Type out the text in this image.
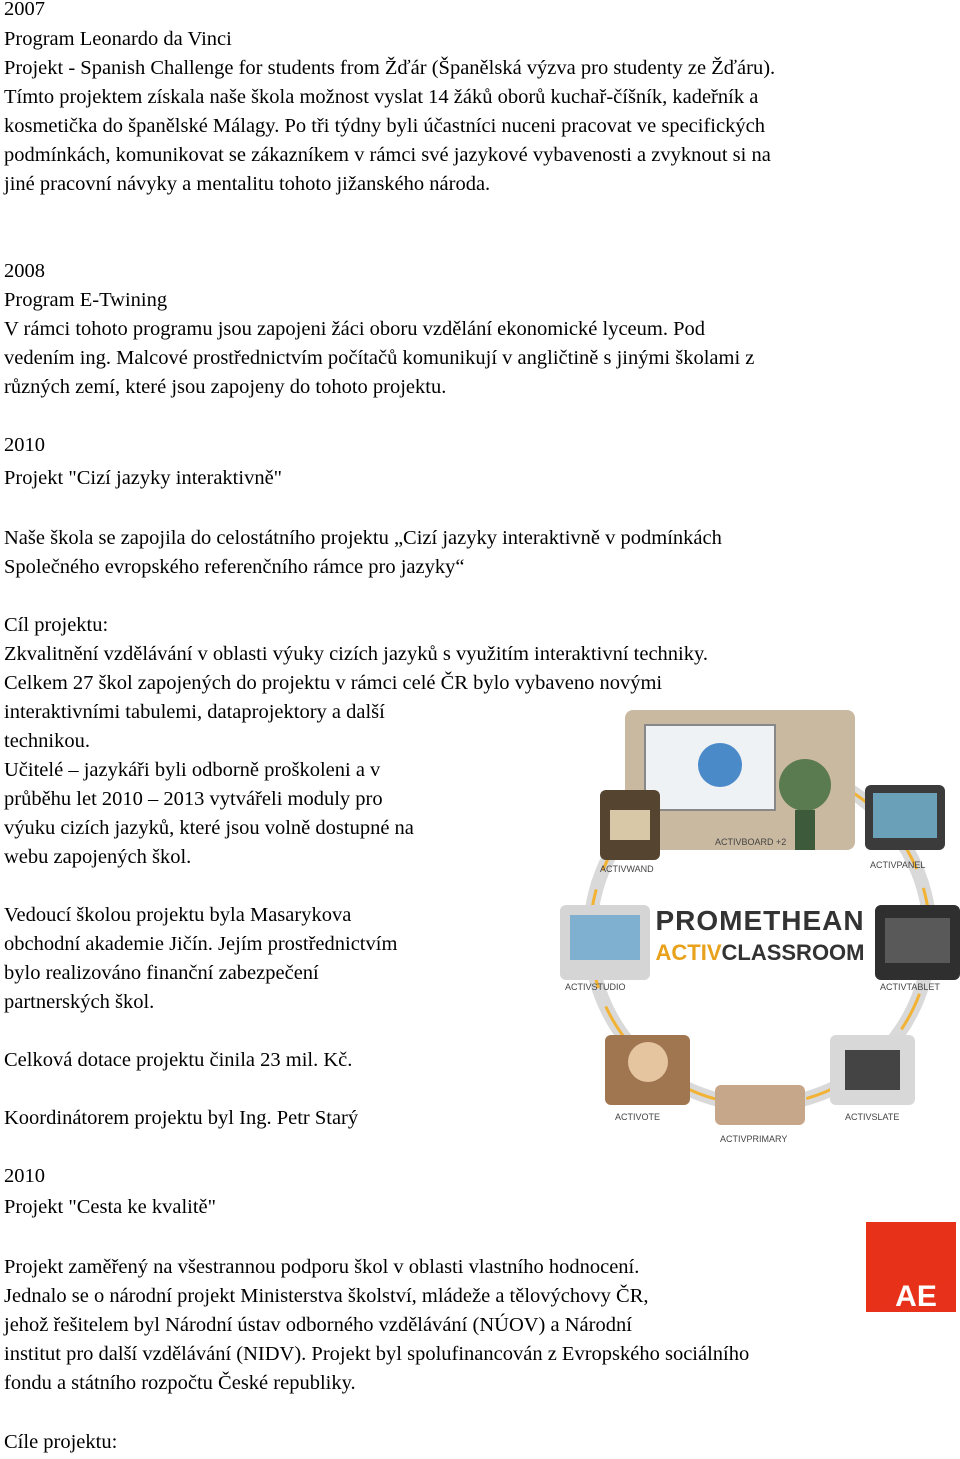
2007
Program Leonardo da Vinci
Projekt - Spanish Challenge for students from Žďár (Španělská výzva pro studenty ze Žďáru).
Tímto projektem získala naše škola možnost vyslat 14 žáků oborů kuchař-číšník, kadeřník a
kosmetička do španělské Málagy. Po tři týdny byli účastníci nuceni pracovat ve specifických
podmínkách, komunikovat se zákazníkem v rámci své jazykové vybavenosti a zvyknout si na
jiné pracovní návyky a mentalitu tohoto jižanského národa.
2008
Program E-Twining
V rámci tohoto programu jsou zapojeni žáci oboru vzdělání ekonomické lyceum. Pod
vedením ing. Malcové prostřednictvím počítačů komunikují v angličtině s jinými školami z
různých zemí, které jsou zapojeny do tohoto projektu.
2010
Projekt "Cizí jazyky interaktivně"
Naše škola se zapojila do celostátního projektu „Cizí jazyky interaktivně v podmínkách
Společného evropského referenčního rámce pro jazyky“
Cíl projektu:
Zkvalitnění vzdělávání v oblasti výuky cizích jazyků s využitím interaktivní techniky.
Celkem 27 škol zapojených do projektu v rámci celé ČR bylo vybaveno novými
interaktivními tabulemi, dataprojektory a další
technikou.
Učitelé – jazykáři byli odborně proškoleni a v
průběhu let 2010 – 2013 vytvářeli moduly pro
výuku cizích jazyků, které jsou volně dostupné na
webu zapojených škol.
Vedoucí školou projektu byla Masarykova
obchodní akademie Jičín. Jejím prostřednictvím
bylo realizováno finanční zabezpečení
partnerských škol.
Celková dotace projektu činila 23 mil. Kč.
Koordinátorem projektu byl Ing. Petr Starý
2010
Projekt "Cesta ke kvalitě"
Projekt zaměřený na všestrannou podporu škol v oblasti vlastního hodnocení.
Jednalo se o národní projekt Ministerstva školství, mládeže a tělovýchovy ČR,
jehož řešitelem byl Národní ústav odborného vzdělávání (NÚOV) a Národní
institut pro další vzdělávání (NIDV). Projekt byl spolufinancován z Evropského sociálního
fondu a státního rozpočtu České republiky.
Cíle projektu:
PROMETHEAN
ACTIVCLASSROOM
ACTIVBOARD +2
ACTIVWAND	ACTIVPANEL
ACTIVSTUDIO	ACTIVTABLET
ACTIVOTE	ACTIVSLATE
ACTIVPRIMARY
AE
